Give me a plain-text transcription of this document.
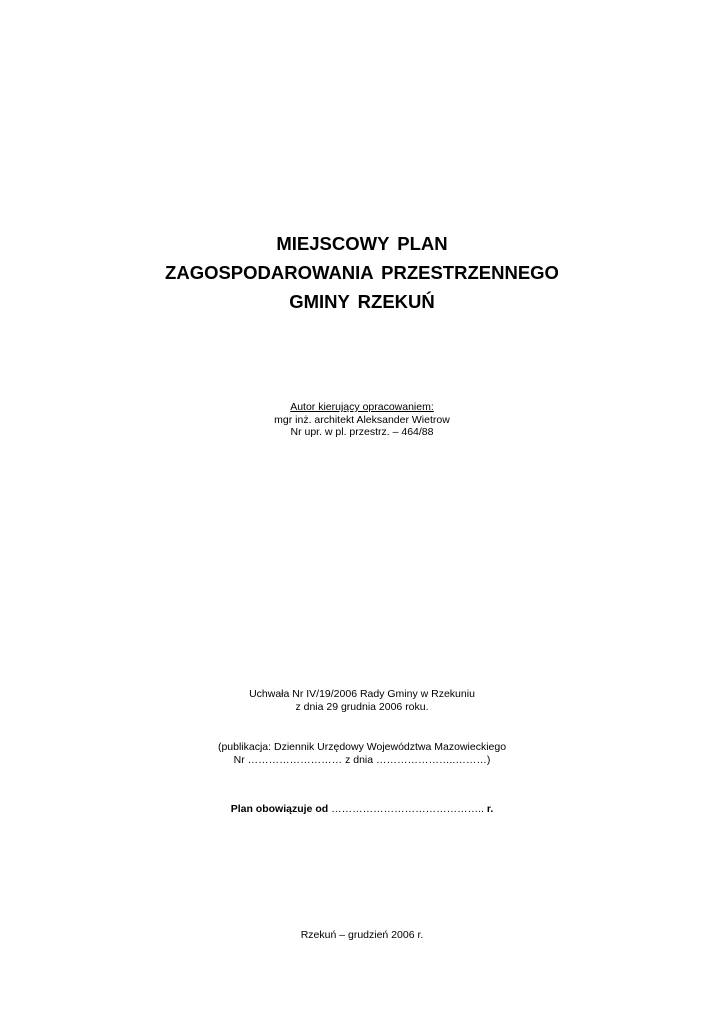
MIEJSCOWY PLAN
ZAGOSPODAROWANIA PRZESTRZENNEGO
GMINY RZEKUŃ
Autor kierujący opracowaniem:
mgr inż. architekt Aleksander Wietrow
Nr upr. w pl. przestrz. – 464/88
Uchwała Nr IV/19/2006 Rady Gminy w Rzekuniu
z dnia 29 grudnia 2006 roku.
(publikacja: Dziennik Urzędowy Województwa Mazowieckiego
Nr ……………………… z dnia …………………..………)
Plan obowiązuje od …………………………………….. r.
Rzekuń – grudzień 2006 r.
